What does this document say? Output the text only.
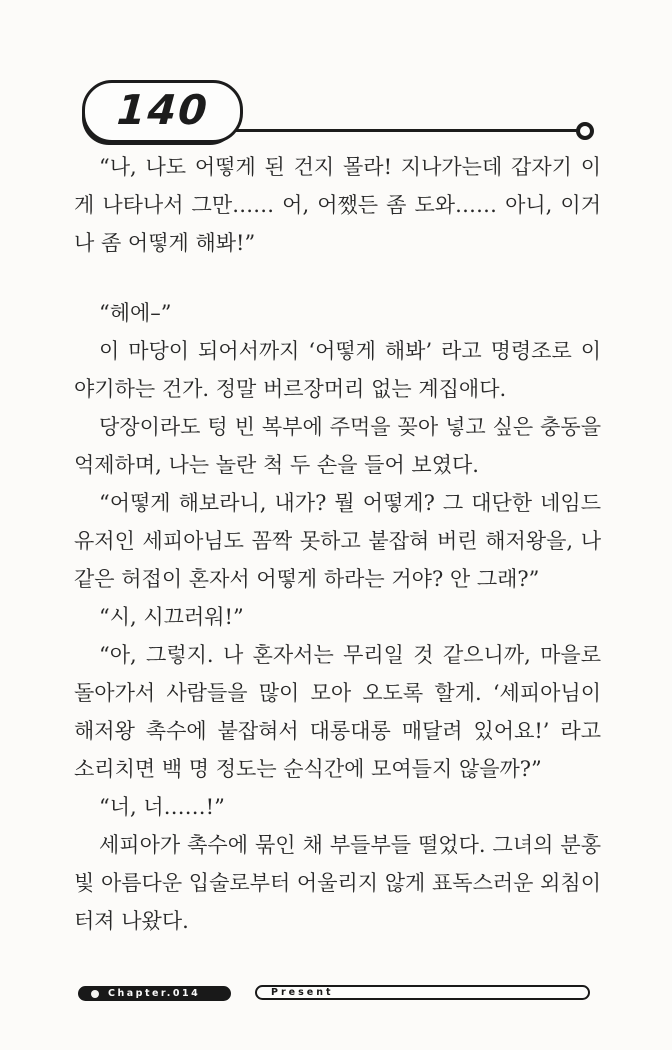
140
“나, 나도 어떻게 된 건지 몰라! 지나가는데 갑자기 이
게 나타나서 그만…… 어, 어쨌든 좀 도와…… 아니, 이거
나 좀 어떻게 해봐!”
“헤에–”
이 마당이 되어서까지 ‘어떻게 해봐’ 라고 명령조로 이
야기하는 건가. 정말 버르장머리 없는 계집애다.
당장이라도 텅 빈 복부에 주먹을 꽂아 넣고 싶은 충동을
억제하며, 나는 놀란 척 두 손을 들어 보였다.
“어떻게 해보라니, 내가? 뭘 어떻게? 그 대단한 네임드
유저인 세피아님도 꼼짝 못하고 붙잡혀 버린 해저왕을, 나
같은 허접이 혼자서 어떻게 하라는 거야? 안 그래?”
“시, 시끄러워!”
“아, 그렇지. 나 혼자서는 무리일 것 같으니까, 마을로
돌아가서 사람들을 많이 모아 오도록 할게. ‘세피아님이
해저왕 촉수에 붙잡혀서 대롱대롱 매달려 있어요!’ 라고
소리치면 백 명 정도는 순식간에 모여들지 않을까?”
“너, 너……!”
세피아가 촉수에 묶인 채 부들부들 떨었다. 그녀의 분홍
빛 아름다운 입술로부터 어울리지 않게 표독스러운 외침이
터져 나왔다.
Chapter.014	Present
